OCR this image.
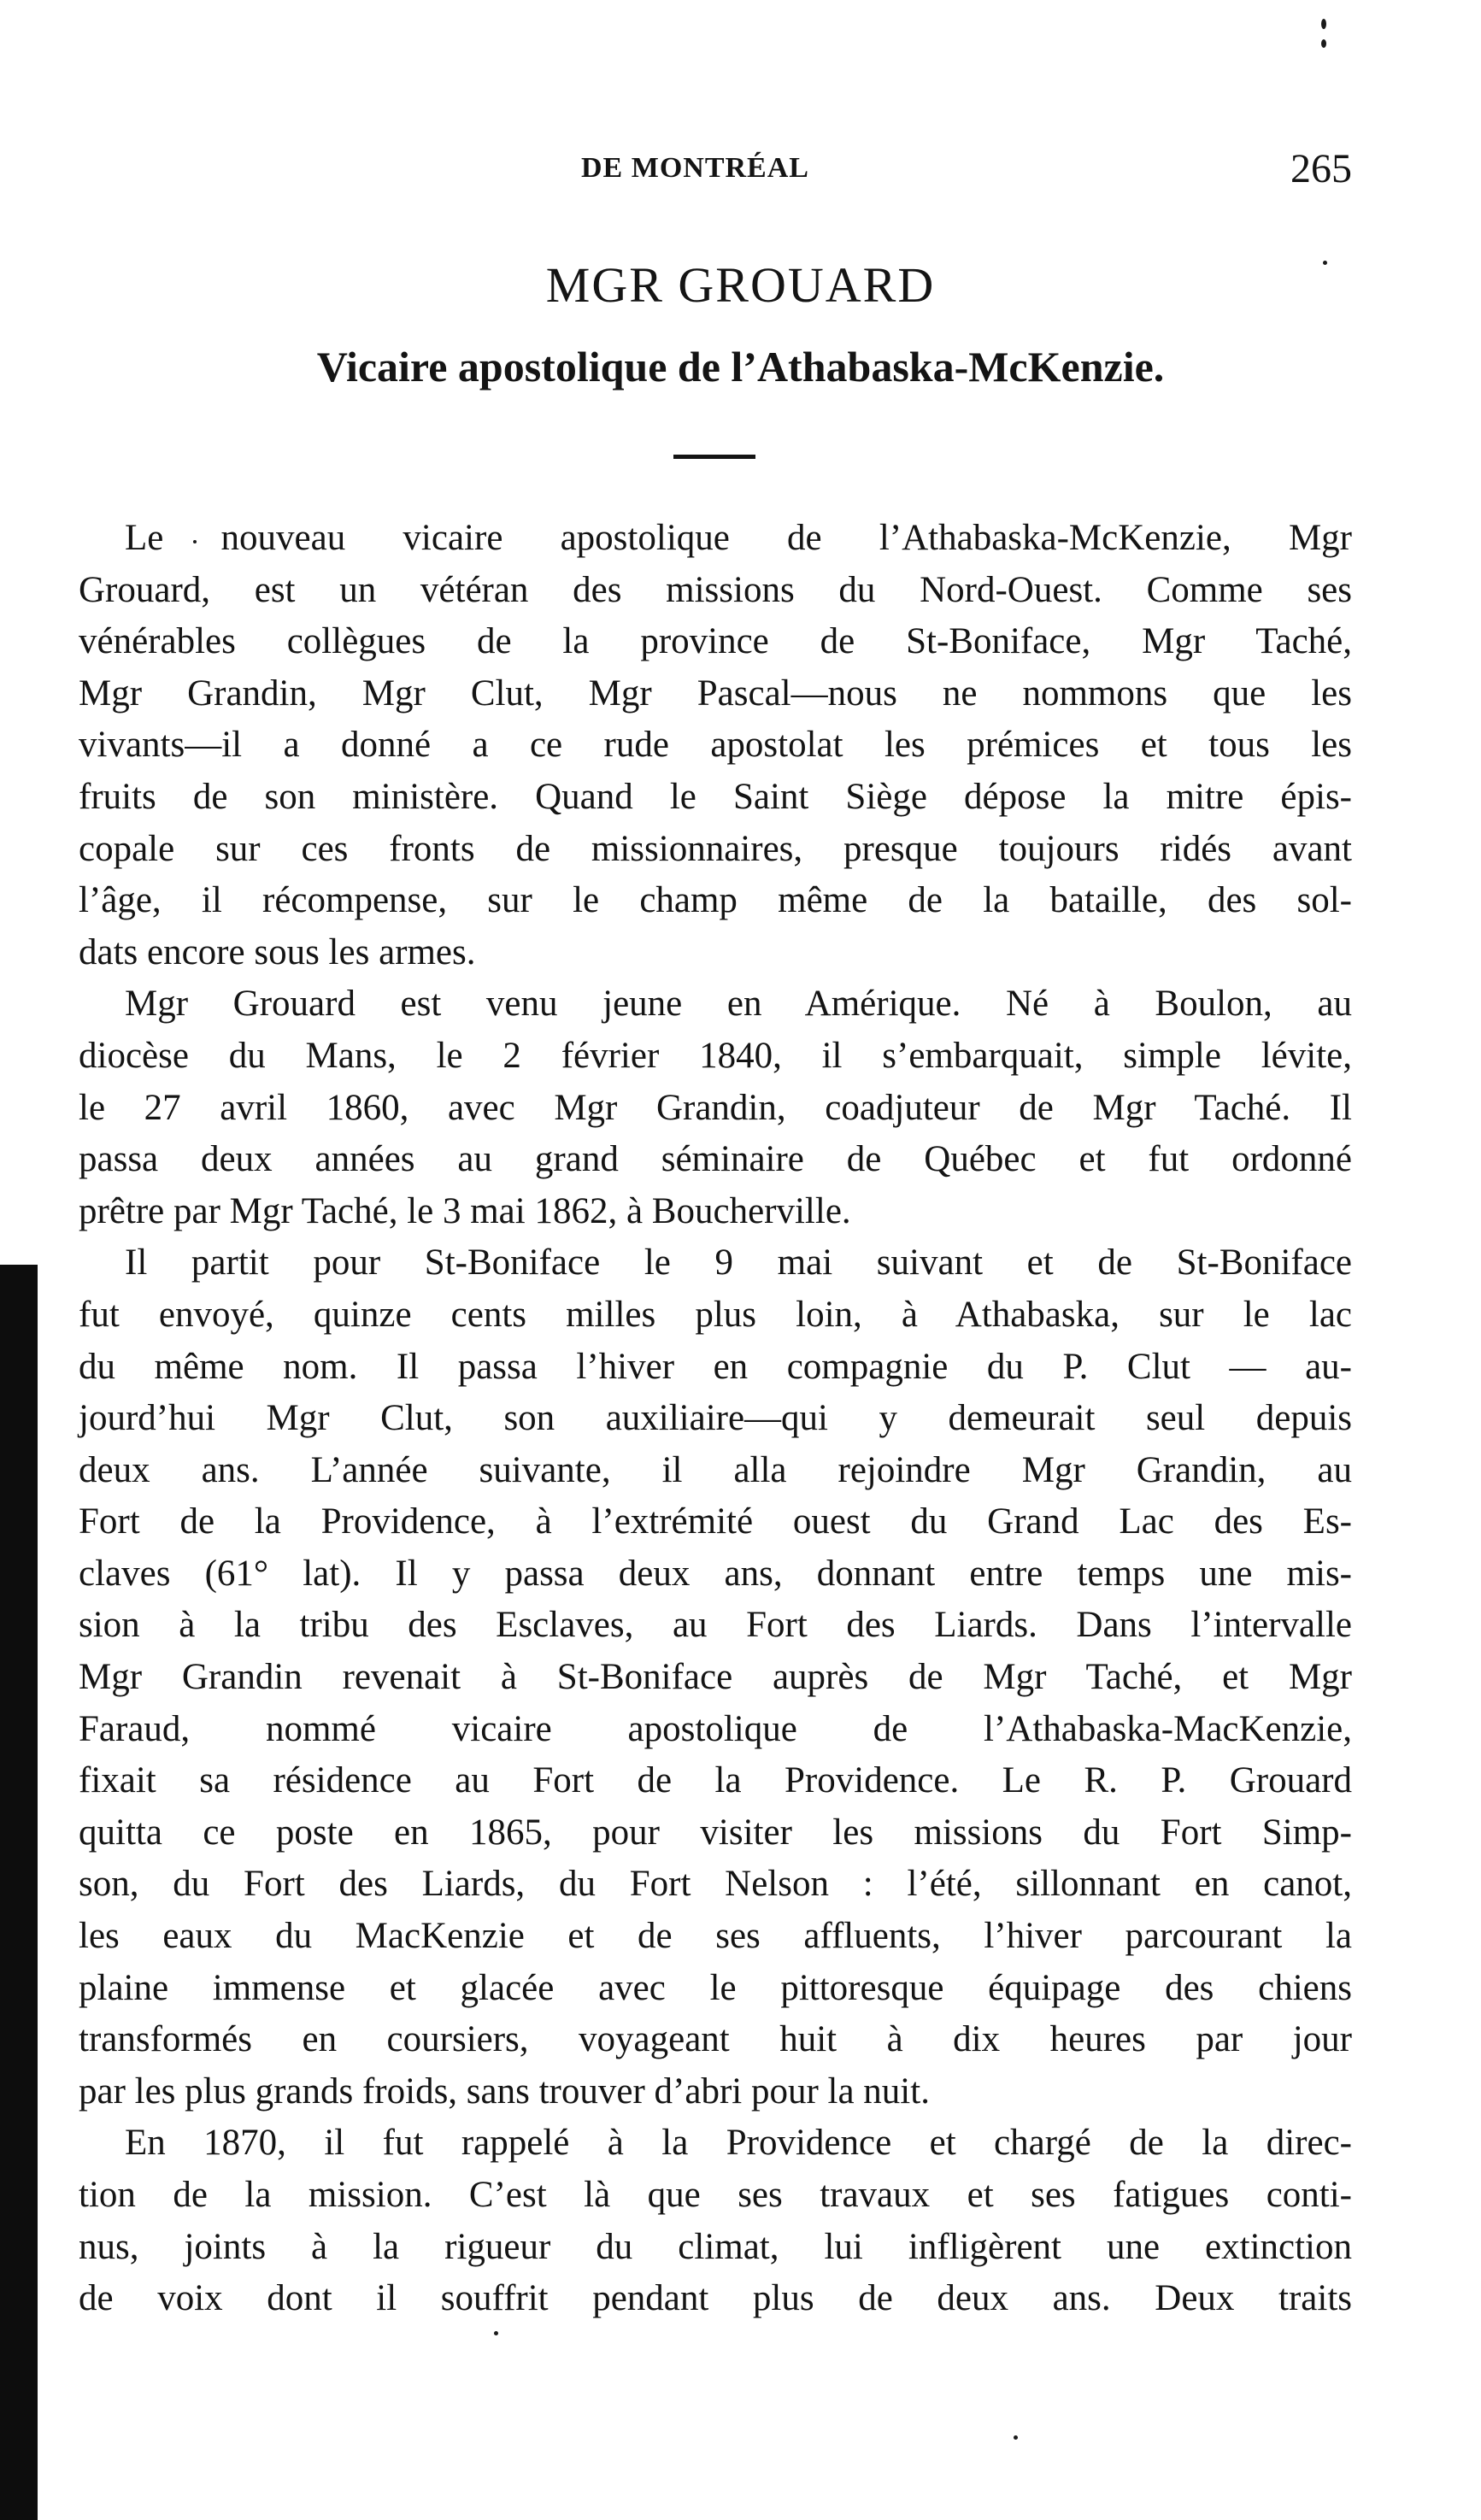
DE MONTRÉAL	265
MGR GROUARD
Vicaire apostolique de l’Athabaska-McKenzie.
Le nouveau vicaire apostolique de l’Athabaska-McKenzie, Mgr
Grouard, est un vétéran des missions du Nord-Ouest. Comme ses
vénérables collègues de la province de St-Boniface, Mgr Taché,
Mgr Grandin, Mgr Clut, Mgr Pascal—nous ne nommons que les
vivants—il a donné a ce rude apostolat les prémices et tous les
fruits de son ministère. Quand le Saint Siège dépose la mitre épis-
copale sur ces fronts de missionnaires, presque toujours ridés avant
l’âge, il récompense, sur le champ même de la bataille, des sol-
dats encore sous les armes.
Mgr Grouard est venu jeune en Amérique. Né à Boulon, au
diocèse du Mans, le 2 février 1840, il s’embarquait, simple lévite,
le 27 avril 1860, avec Mgr Grandin, coadjuteur de Mgr Taché. Il
passa deux années au grand séminaire de Québec et fut ordonné
prêtre par Mgr Taché, le 3 mai 1862, à Boucherville.
Il partit pour St-Boniface le 9 mai suivant et de St-Boniface
fut envoyé, quinze cents milles plus loin, à Athabaska, sur le lac
du même nom. Il passa l’hiver en compagnie du P. Clut — au-
jourd’hui Mgr Clut, son auxiliaire—qui y demeurait seul depuis
deux ans. L’année suivante, il alla rejoindre Mgr Grandin, au
Fort de la Providence, à l’extrémité ouest du Grand Lac des Es-
claves (61° lat). Il y passa deux ans, donnant entre temps une mis-
sion à la tribu des Esclaves, au Fort des Liards. Dans l’intervalle
Mgr Grandin revenait à St-Boniface auprès de Mgr Taché, et Mgr
Faraud, nommé vicaire apostolique de l’Athabaska-MacKenzie,
fixait sa résidence au Fort de la Providence. Le R. P. Grouard
quitta ce poste en 1865, pour visiter les missions du Fort Simp-
son, du Fort des Liards, du Fort Nelson : l’été, sillonnant en canot,
les eaux du MacKenzie et de ses affluents, l’hiver parcourant la
plaine immense et glacée avec le pittoresque équipage des chiens
transformés en coursiers, voyageant huit à dix heures par jour
par les plus grands froids, sans trouver d’abri pour la nuit.
En 1870, il fut rappelé à la Providence et chargé de la direc-
tion de la mission. C’est là que ses travaux et ses fatigues conti-
nus, joints à la rigueur du climat, lui infligèrent une extinction
de voix dont il souffrit pendant plus de deux ans. Deux traits
